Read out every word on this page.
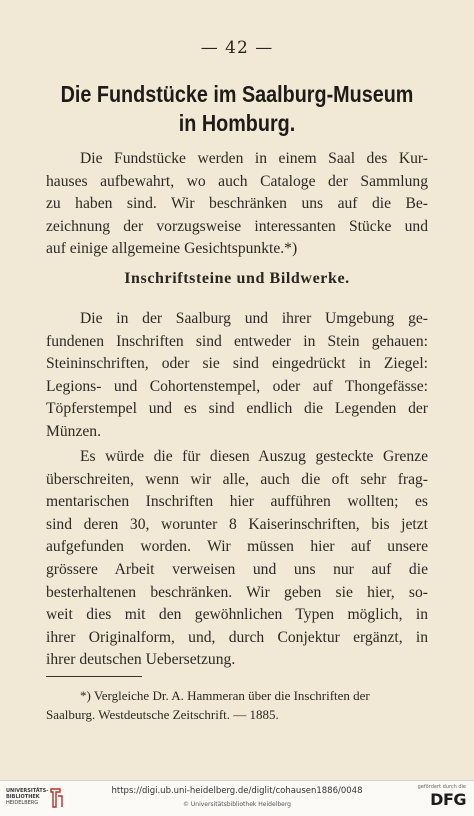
— 42 —
Die Fundstücke im Saalburg-Museum
in Homburg.
Die Fundstücke werden in einem Saal des Kur-
hauses aufbewahrt, wo auch Cataloge der Sammlung
zu haben sind. Wir beschränken uns auf die Be-
zeichnung der vorzugsweise interessanten Stücke und
auf einige allgemeine Gesichtspunkte.*)
Inschriftsteine und Bildwerke.
Die in der Saalburg und ihrer Umgebung ge-
fundenen Inschriften sind entweder in Stein gehauen:
Steininschriften, oder sie sind eingedrückt in Ziegel:
Legions- und Cohortenstempel, oder auf Thongefässe:
Töpferstempel und es sind endlich die Legenden der
Münzen.
Es würde die für diesen Auszug gesteckte Grenze
überschreiten, wenn wir alle, auch die oft sehr frag-
mentarischen Inschriften hier aufführen wollten; es
sind deren 30, worunter 8 Kaiserinschriften, bis jetzt
aufgefunden worden. Wir müssen hier auf unsere
grössere Arbeit verweisen und uns nur auf die
besterhaltenen beschränken. Wir geben sie hier, so-
weit dies mit den gewöhnlichen Typen möglich, in
ihrer Originalform, und, durch Conjektur ergänzt, in
ihrer deutschen Uebersetzung.
*) Vergleiche Dr. A. Hammeran über die Inschriften der
Saalburg. Westdeutsche Zeitschrift. — 1885.
UNIVERSITÄTS-
BIBLIOTHEK
HEIDELBERG
https://digi.ub.uni-heidelberg.de/diglit/cohausen1886/0048
© Universitätsbibliothek Heidelberg
gefördert durch die
DFG
